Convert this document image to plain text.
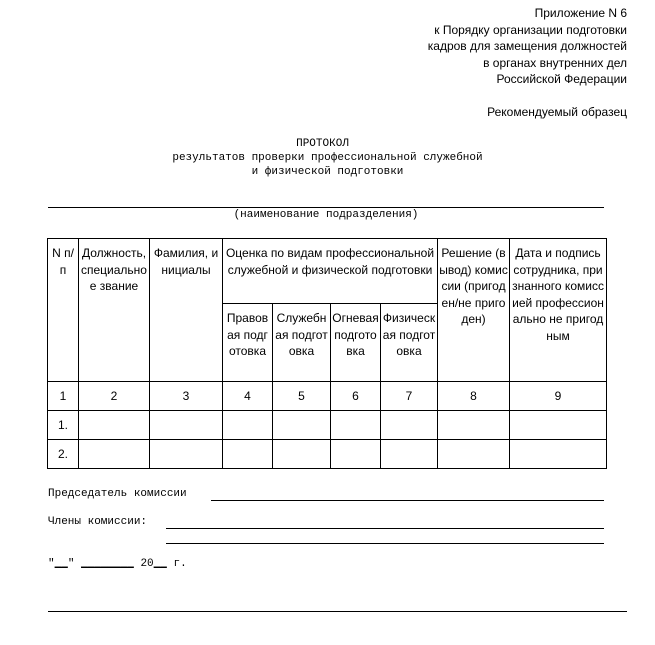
Приложение N 6
к Порядку организации подготовки
кадров для замещения должностей
в органах внутренних дел
Российской Федерации
Рекомендуемый образец
ПРОТОКОЛ
результатов проверки профессиональной служебной
и физической подготовки
(наименование подразделения)
N п/п	Должность, специальное звание	Фамилия, инициалы	Оценка по видам профессиональной служебной и физической подготовки				Решение (вывод) комиссии (пригоден/не пригоден)	Дата и подпись сотрудника, признанного комиссией профессионально не пригодным

			Правовая подготовка	Служебная подготовка	Огневая подготовка	Физическая подготовка		

1	2	3	4	5	6	7	8	9
1.								
2.								
Председатель комиссии
Члены комиссии:
"__" ________ 20__ г.
